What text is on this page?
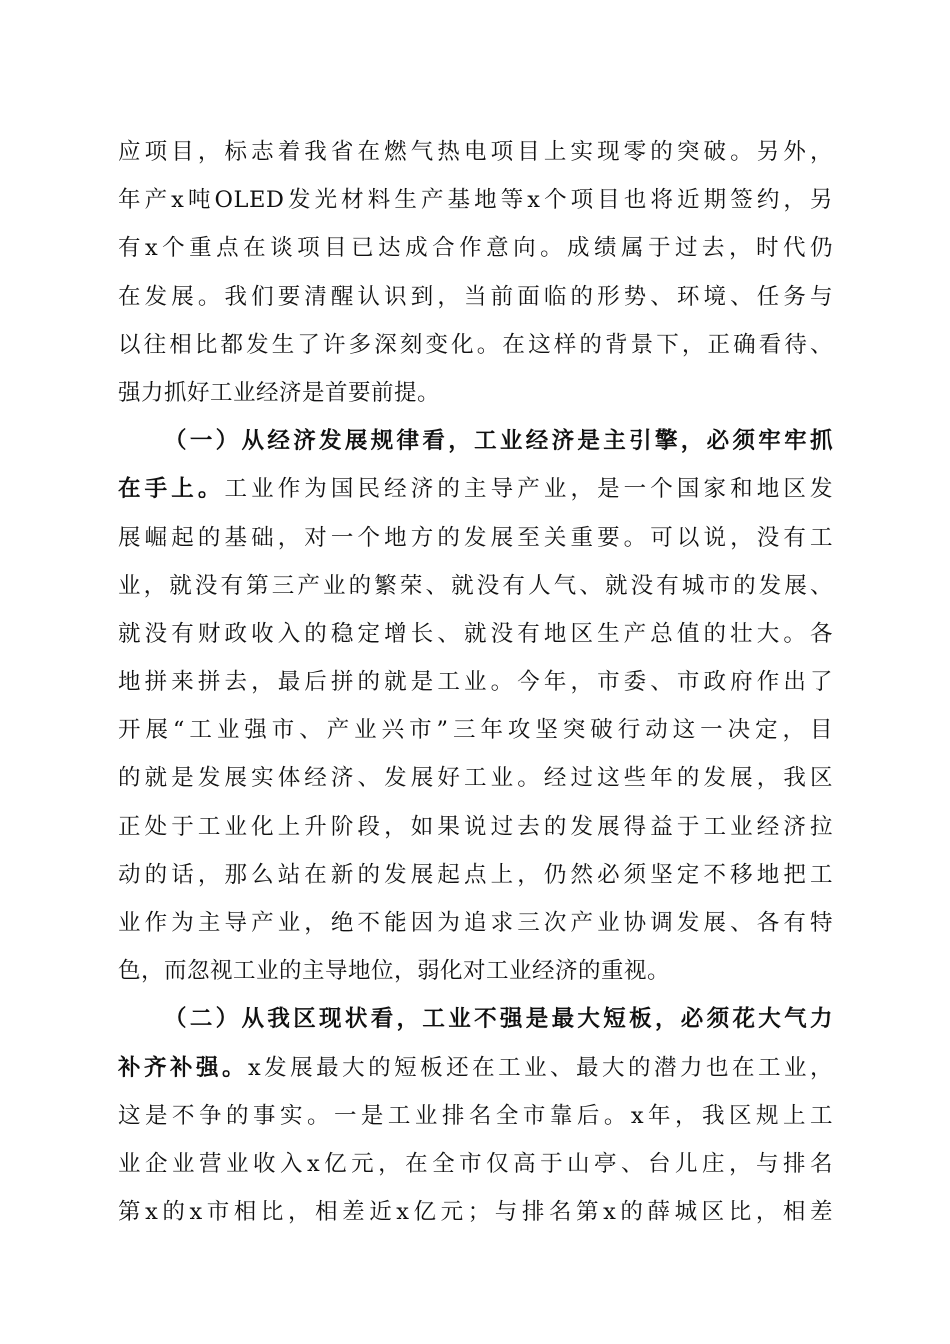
应项目，标志着我省在燃气热电项目上实现零的突破。另外，
年产x吨OLED发光材料生产基地等x个项目也将近期签约，另
有x个重点在谈项目已达成合作意向。成绩属于过去，时代仍
在发展。我们要清醒认识到，当前面临的形势、环境、任务与
以往相比都发生了许多深刻变化。在这样的背景下，正确看待、
强力抓好工业经济是首要前提。
（一）从经济发展规律看，工业经济是主引擎，必须牢牢抓
在手上。工业作为国民经济的主导产业，是一个国家和地区发
展崛起的基础，对一个地方的发展至关重要。可以说，没有工
业，就没有第三产业的繁荣、就没有人气、就没有城市的发展、
就没有财政收入的稳定增长、就没有地区生产总值的壮大。各
地拼来拼去，最后拼的就是工业。今年，市委、市政府作出了
开展“工业强市、产业兴市”三年攻坚突破行动这一决定，目
的就是发展实体经济、发展好工业。经过这些年的发展，我区
正处于工业化上升阶段，如果说过去的发展得益于工业经济拉
动的话，那么站在新的发展起点上，仍然必须坚定不移地把工
业作为主导产业，绝不能因为追求三次产业协调发展、各有特
色，而忽视工业的主导地位，弱化对工业经济的重视。
（二）从我区现状看，工业不强是最大短板，必须花大气力
补齐补强。x发展最大的短板还在工业、最大的潜力也在工业，
这是不争的事实。一是工业排名全市靠后。x年，我区规上工
业企业营业收入x亿元，在全市仅高于山亭、台儿庄，与排名
第x的x市相比，相差近x亿元；与排名第x的薛城区比，相差
